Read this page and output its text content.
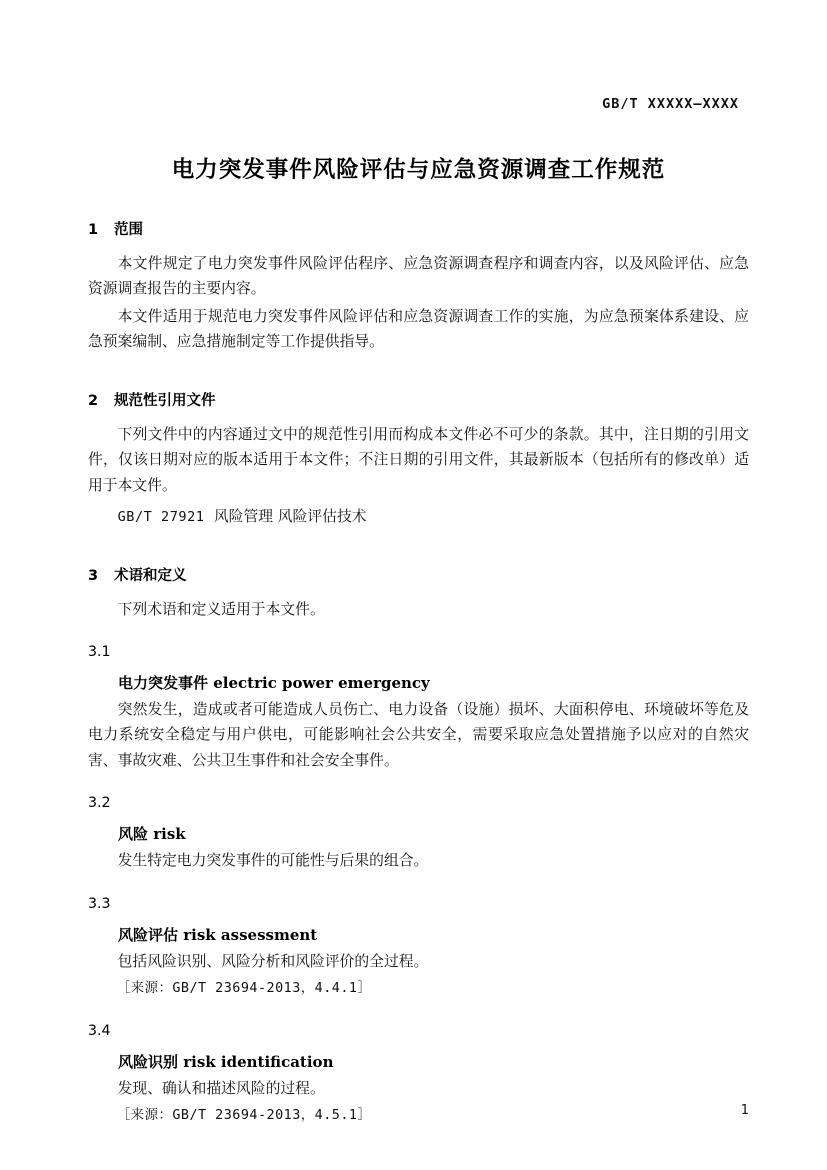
GB/T XXXXX—XXXX
电力突发事件风险评估与应急资源调查工作规范
1 范围

本文件规定了电力突发事件风险评估程序、应急资源调查程序和调查内容，以及风险评估、应急资源调查报告的主要内容。

本文件适用于规范电力突发事件风险评估和应急资源调查工作的实施，为应急预案体系建设、应急预案编制、应急措施制定等工作提供指导。

2 规范性引用文件

下列文件中的内容通过文中的规范性引用而构成本文件必不可少的条款。其中，注日期的引用文件，仅该日期对应的版本适用于本文件；不注日期的引用文件，其最新版本（包括所有的修改单）适用于本文件。

GB/T 27921 风险管理 风险评估技术

3 术语和定义

下列术语和定义适用于本文件。

3.1
电力突发事件 electric power emergency

突然发生，造成或者可能造成人员伤亡、电力设备（设施）损坏、大面积停电、环境破坏等危及电力系统安全稳定与用户供电，可能影响社会公共安全，需要采取应急处置措施予以应对的自然灾害、事故灾难、公共卫生事件和社会安全事件。

3.2
风险 risk

发生特定电力突发事件的可能性与后果的组合。

3.3
风险评估 risk assessment

包括风险识别、风险分析和风险评价的全过程。

［来源：GB/T 23694-2013，4.4.1］

3.4
风险识别 risk identification

发现、确认和描述风险的过程。

［来源：GB/T 23694-2013，4.5.1］	1
